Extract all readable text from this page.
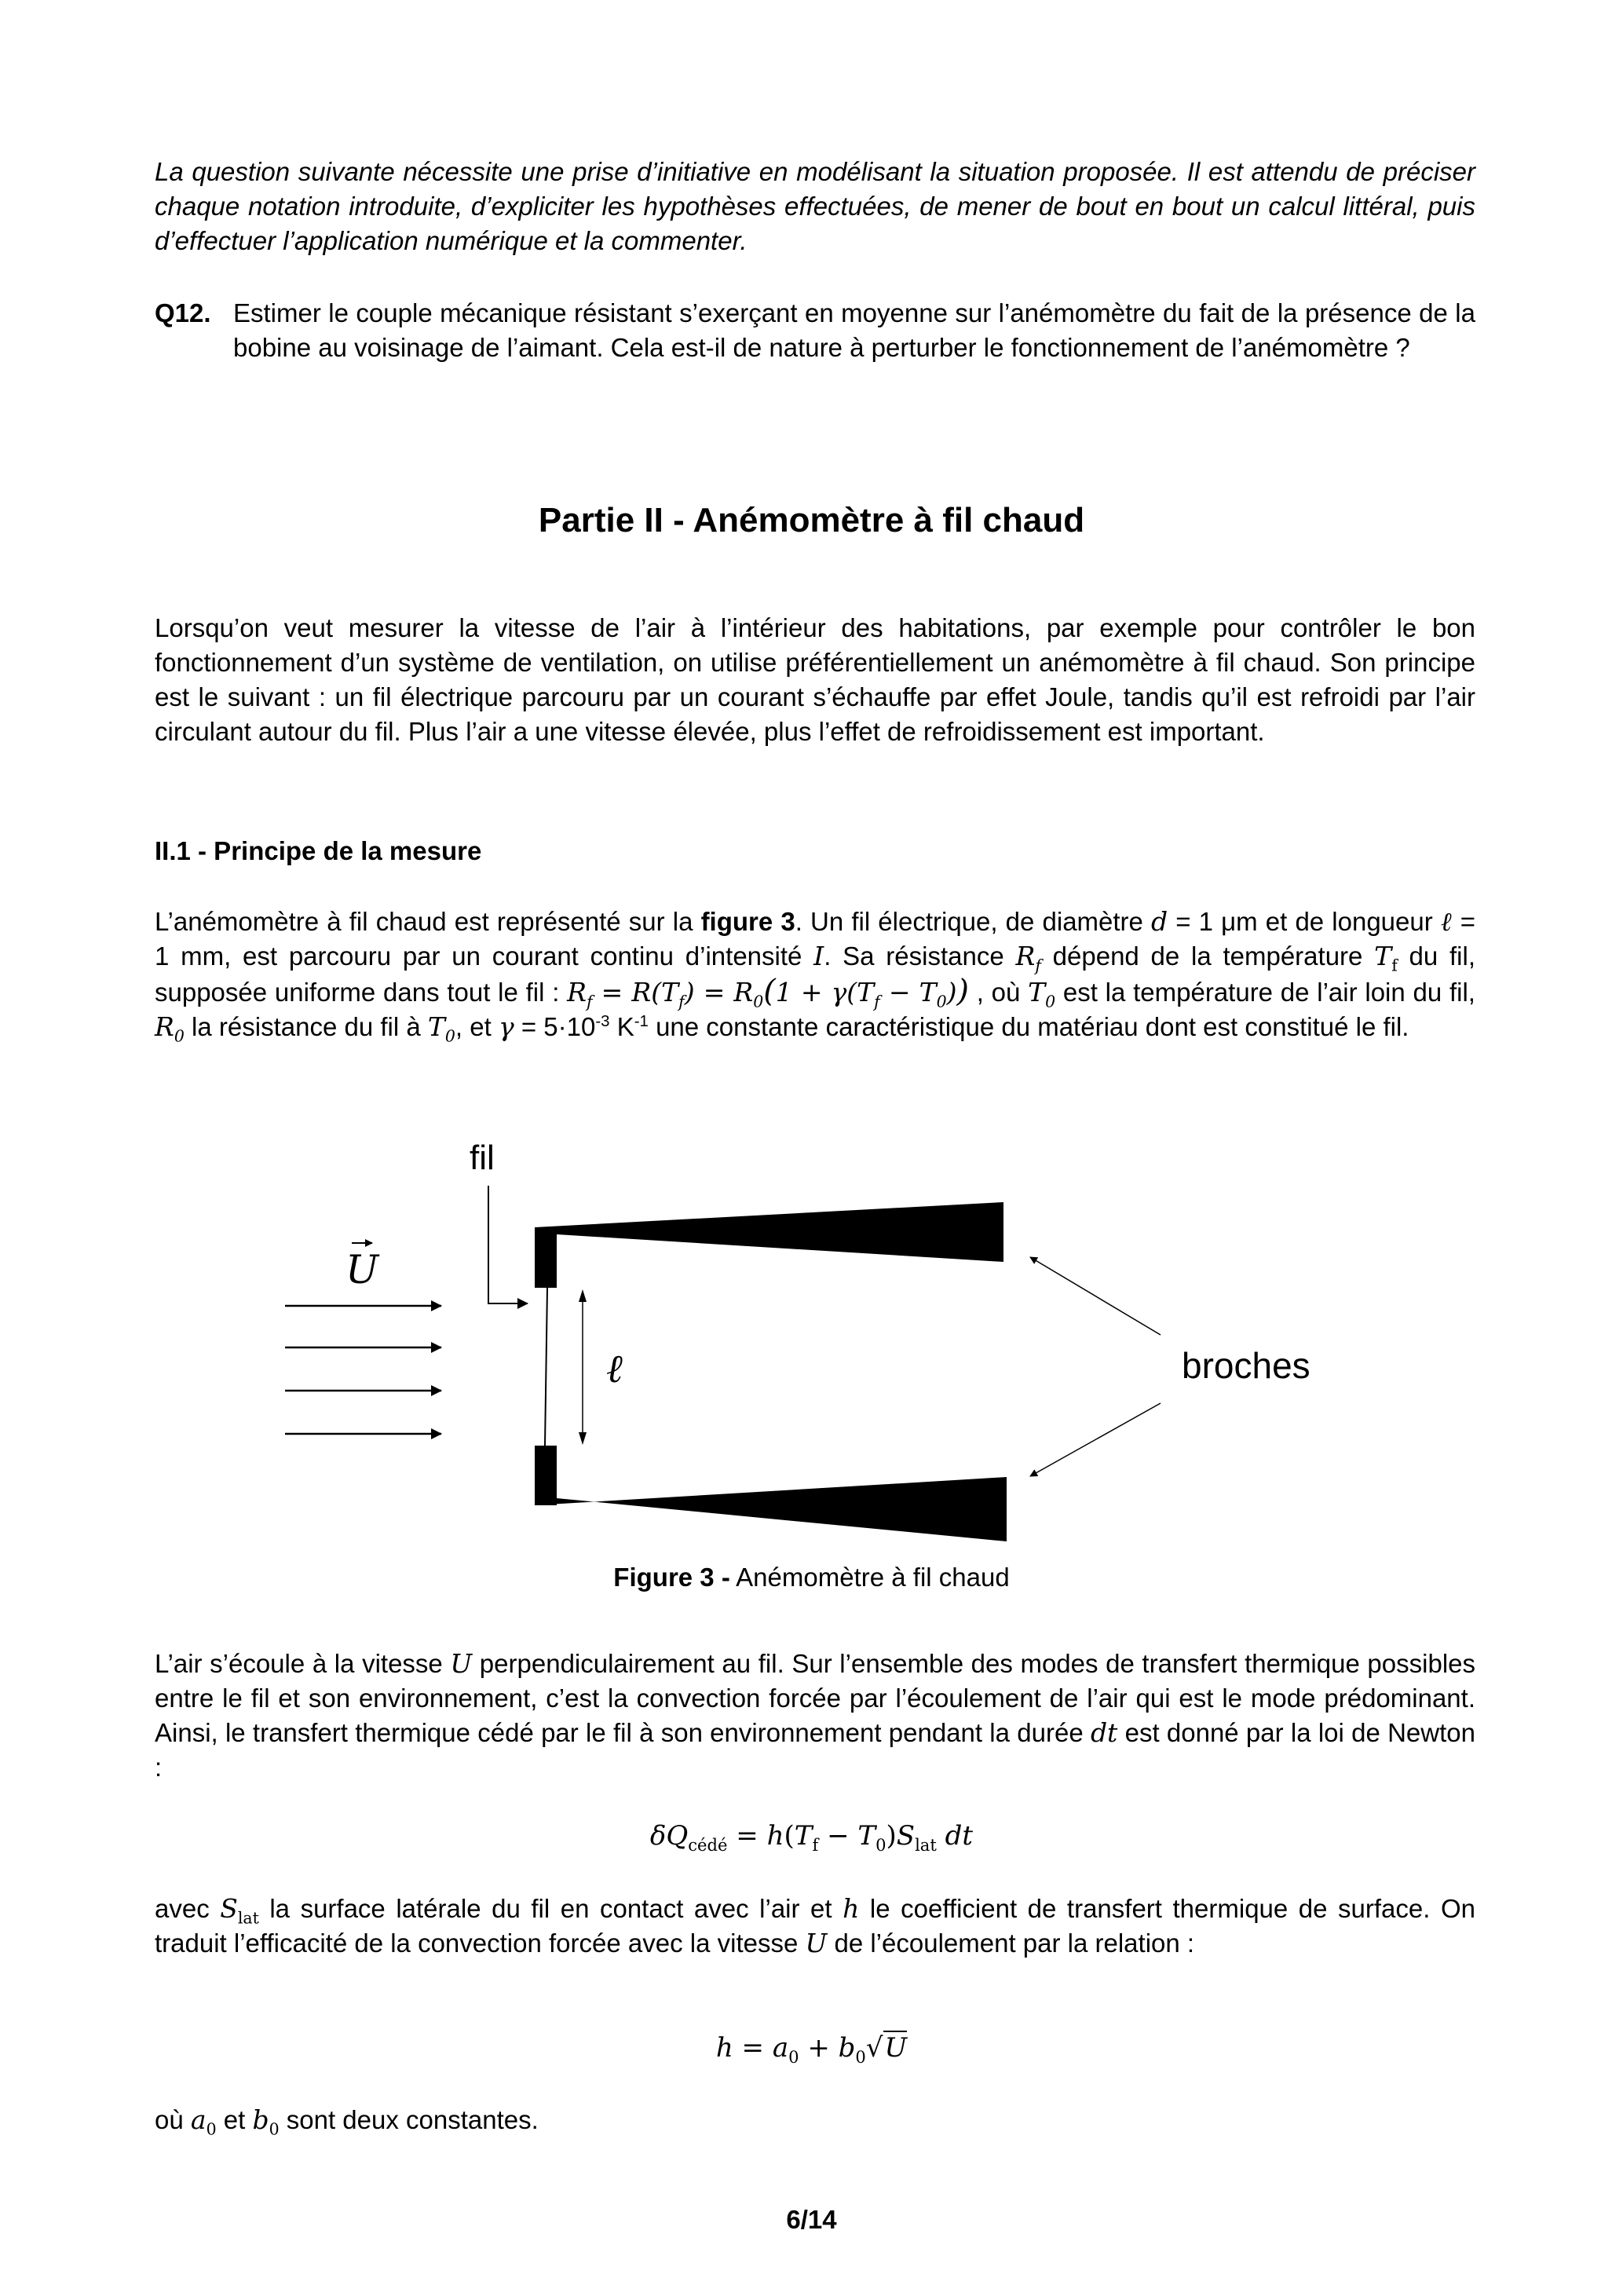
La question suivante nécessite une prise d’initiative en modélisant la situation proposée. Il est attendu de préciser chaque notation introduite, d’expliciter les hypothèses effectuées, de mener de bout en bout un calcul littéral, puis d’effectuer l’application numérique et la commenter.
Q12. Estimer le couple mécanique résistant s’exerçant en moyenne sur l’anémomètre du fait de la présence de la bobine au voisinage de l’aimant. Cela est-il de nature à perturber le fonctionnement de l’anémomètre ?
Partie II - Anémomètre à fil chaud
Lorsqu’on veut mesurer la vitesse de l’air à l’intérieur des habitations, par exemple pour contrôler le bon fonctionnement d’un système de ventilation, on utilise préférentiellement un anémomètre à fil chaud. Son principe est le suivant : un fil électrique parcouru par un courant s’échauffe par effet Joule, tandis qu’il est refroidi par l’air circulant autour du fil. Plus l’air a une vitesse élevée, plus l’effet de refroidissement est important.
II.1 - Principe de la mesure
L’anémomètre à fil chaud est représenté sur la figure 3. Un fil électrique, de diamètre d = 1 μm et de longueur ℓ = 1 mm, est parcouru par un courant continu d’intensité I. Sa résistance $R_f$ dépend de la température $T_f$ du fil, supposée uniforme dans tout le fil : $R_f = R(T_f) = R_0(1 + \gamma(T_f - T_0))$ , où $T_0$ est la température de l’air loin du fil, $R_0$ la résistance du fil à $T_0$, et $\gamma = 5\cdot 10^{-3}$ $K^{-1}$ une constante caractéristique du matériau dont est constitué le fil.
fil
U
ℓ	broches
Figure 3 - Anémomètre à fil chaud
L’air s’écoule à la vitesse U perpendiculairement au fil. Sur l’ensemble des modes de transfert thermique possibles entre le fil et son environnement, c’est la convection forcée par l’écoulement de l’air qui est le mode prédominant. Ainsi, le transfert thermique cédé par le fil à son environnement pendant la durée dt est donné par la loi de Newton :
$\delta Q_{cédé} = h(T_f - T_0)S_{lat}$ dt
avec $S_{lat}$ la surface latérale du fil en contact avec l’air et h le coefficient de transfert thermique de surface. On traduit l’efficacité de la convection forcée avec la vitesse U de l’écoulement par la relation :
$h = a_0 + b_0√U$
où $a_0$ et $b_0$ sont deux constantes.
6/14
